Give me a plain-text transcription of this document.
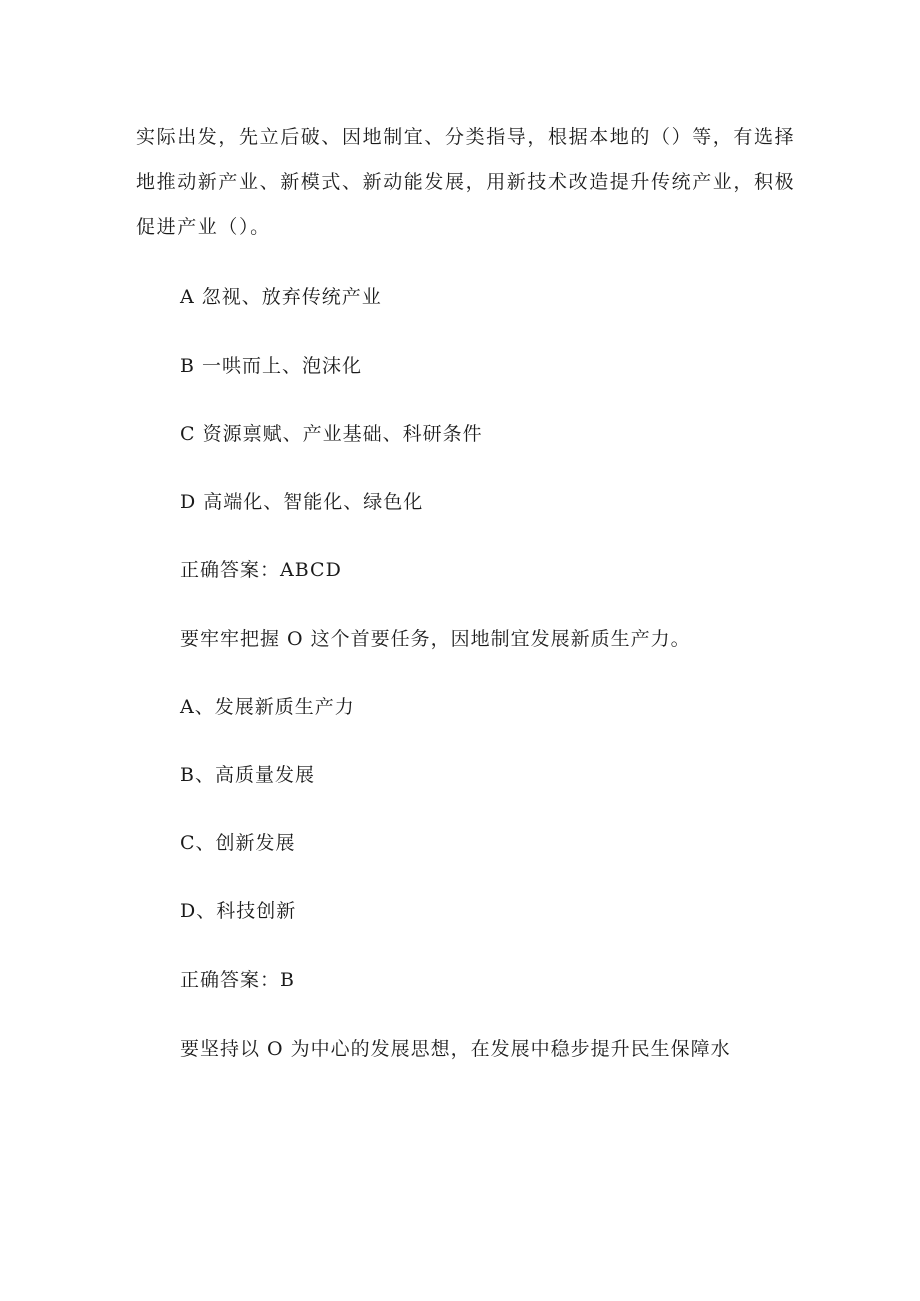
实际出发，先立后破、因地制宜、分类指导，根据本地的（）等，有选择
地推动新产业、新模式、新动能发展，用新技术改造提升传统产业，积极
促进产业（）。
A 忽视、放弃传统产业
B 一哄而上、泡沫化
C 资源禀赋、产业基础、科研条件
D 高端化、智能化、绿色化
正确答案：ABCD
要牢牢把握 O 这个首要任务，因地制宜发展新质生产力。
A、发展新质生产力
B、高质量发展
C、创新发展
D、科技创新
正确答案：B
要坚持以 O 为中心的发展思想，在发展中稳步提升民生保障水
